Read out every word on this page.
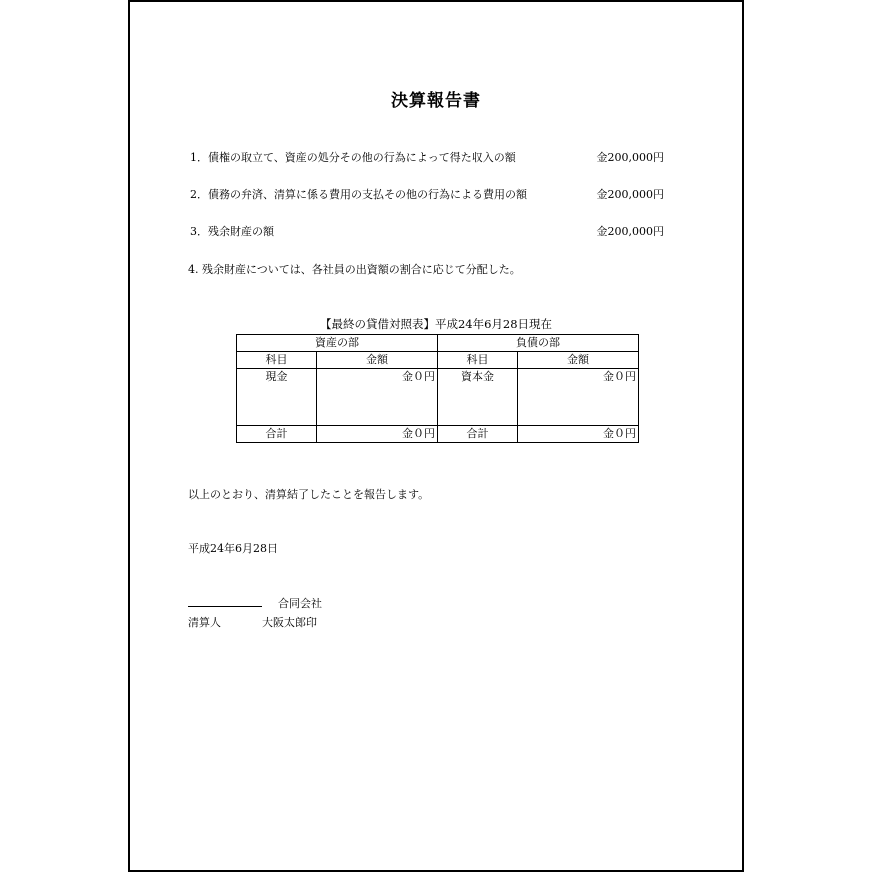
決算報告書
1．債権の取立て、資産の処分その他の行為によって得た収入の額	金200,000円
2．債務の弁済、清算に係る費用の支払その他の行為による費用の額	金200,000円
3．残余財産の額	金200,000円
4. 残余財産については、各社員の出資額の割合に応じて分配した。
【最終の貸借対照表】平成24年6月28日現在
資産の部		負債の部	
科目	金額	科目	金額
現金	金０円	資本金	金０円
合計	金０円	合計	金０円
以上のとおり、清算結了したことを報告します。
平成24年6月28日
合同会社
清算人	大阪太郎印
